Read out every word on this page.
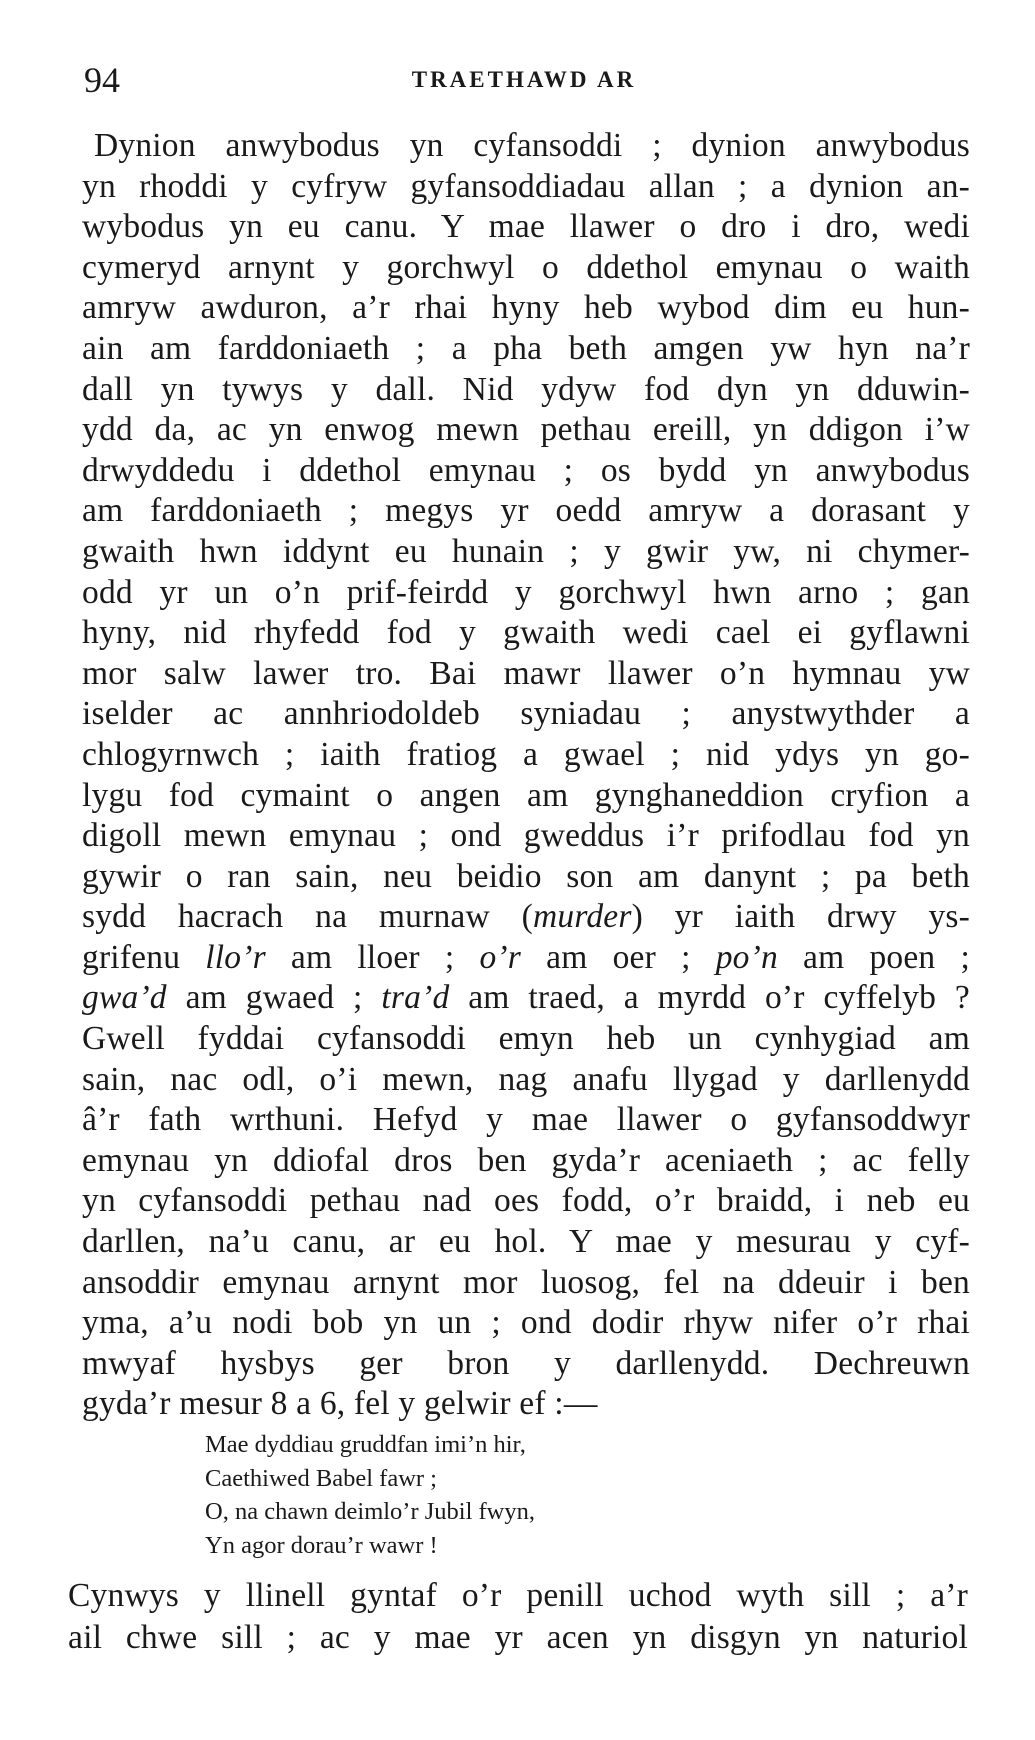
94	TRAETHAWD AR
Dynion anwybodus yn cyfansoddi ; dynion anwybodus
yn rhoddi y cyfryw gyfansoddiadau allan ; a dynion an-
wybodus yn eu canu. Y mae llawer o dro i dro, wedi
cymeryd arnynt y gorchwyl o ddethol emynau o waith
amryw awduron, a’r rhai hyny heb wybod dim eu hun-
ain am farddoniaeth ; a pha beth amgen yw hyn na’r
dall yn tywys y dall. Nid ydyw fod dyn yn dduwin-
ydd da, ac yn enwog mewn pethau ereill, yn ddigon i’w
drwyddedu i ddethol emynau ; os bydd yn anwybodus
am farddoniaeth ; megys yr oedd amryw a dorasant y
gwaith hwn iddynt eu hunain ; y gwir yw, ni chymer-
odd yr un o’n prif-feirdd y gorchwyl hwn arno ; gan
hyny, nid rhyfedd fod y gwaith wedi cael ei gyflawni
mor salw lawer tro. Bai mawr llawer o’n hymnau yw
iselder ac annhriodoldeb syniadau ; anystwythder a
chlogyrnwch ; iaith fratiog a gwael ; nid ydys yn go-
lygu fod cymaint o angen am gynghaneddion cryfion a
digoll mewn emynau ; ond gweddus i’r prifodlau fod yn
gywir o ran sain, neu beidio son am danynt ; pa beth
sydd hacrach na murnaw (murder) yr iaith drwy ys-
grifenu llo’r am lloer ; o’r am oer ; po’n am poen ;
gwa’d am gwaed ; tra’d am traed, a myrdd o’r cyffelyb ?
Gwell fyddai cyfansoddi emyn heb un cynhygiad am
sain, nac odl, o’i mewn, nag anafu llygad y darllenydd
â’r fath wrthuni. Hefyd y mae llawer o gyfansoddwyr
emynau yn ddiofal dros ben gyda’r aceniaeth ; ac felly
yn cyfansoddi pethau nad oes fodd, o’r braidd, i neb eu
darllen, na’u canu, ar eu hol. Y mae y mesurau y cyf-
ansoddir emynau arnynt mor luosog, fel na ddeuir i ben
yma, a’u nodi bob yn un ; ond dodir rhyw nifer o’r rhai
mwyaf hysbys ger bron y darllenydd. Dechreuwn
gyda’r mesur 8 a 6, fel y gelwir ef :—
Mae dyddiau gruddfan imi’n hir,
Caethiwed Babel fawr ;
O, na chawn deimlo’r Jubil fwyn,
Yn agor dorau’r wawr !
Cynwys y llinell gyntaf o’r penill uchod wyth sill ; a’r
ail chwe sill ; ac y mae yr acen yn disgyn yn naturiol
